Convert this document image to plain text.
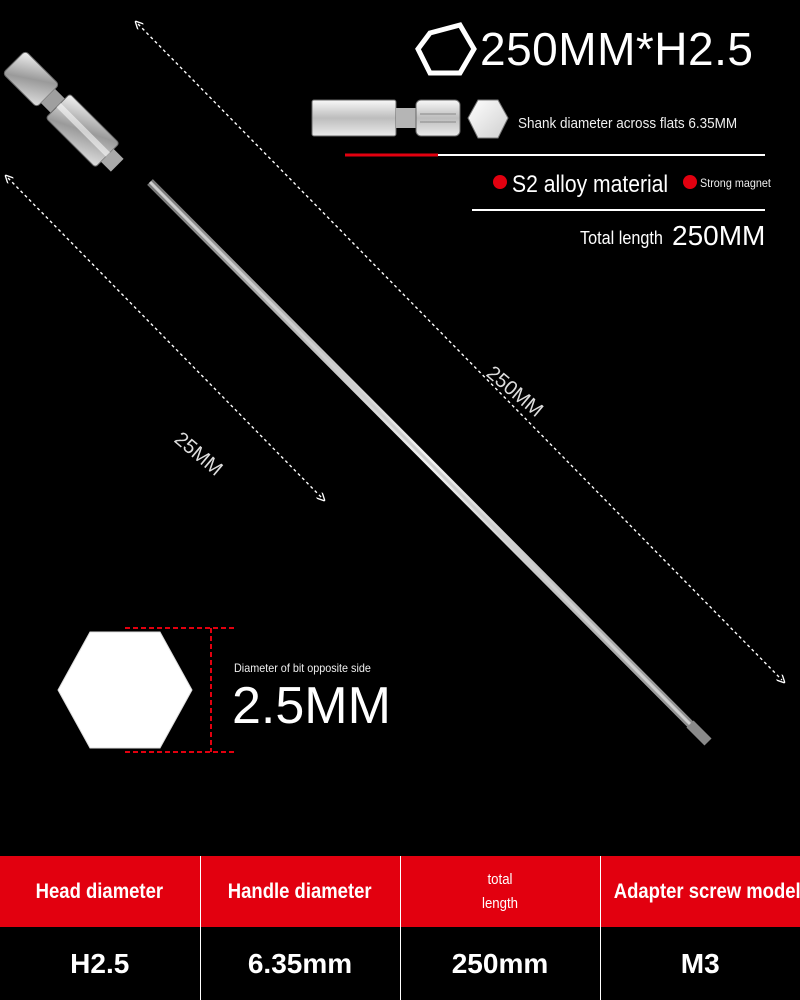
250MM*H2.5
Shank diameter across flats 6.35MM
S2 alloy material	Strong magnet
Total length 250MM
250MM
25MM
Diameter of bit opposite side
2.5MM
Head diameter	Handle diameter	total length	Adapter screw model
H2.5	6.35mm	250mm	M3
